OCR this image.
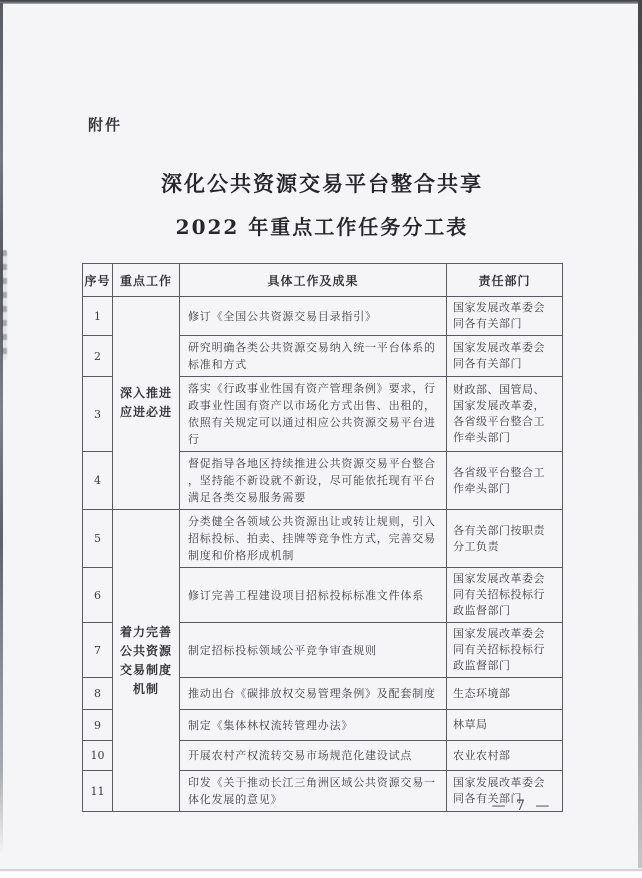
附件
深化公共资源交易平台整合共享
2022 年重点工作任务分工表
序号	重点工作	具体工作及成果	责任部门
1	深入推进应进必进	修订《全国公共资源交易目录指引》	国家发展改革委会同各有关部门
2		研究明确各类公共资源交易纳入统一平台体系的标准和方式	国家发展改革委会同各有关部门
3		落实《行政事业性国有资产管理条例》要求，行政事业性国有资产以市场化方式出售、出租的，依照有关规定可以通过相应公共资源交易平台进行	财政部、国管局、国家发展改革委，各省级平台整合工作牵头部门
4		督促指导各地区持续推进公共资源交易平台整合，坚持能不新设就不新设，尽可能依托现有平台满足各类交易服务需要	各省级平台整合工作牵头部门
5	着力完善公共资源交易制度机制	分类健全各领域公共资源出让或转让规则，引入招标投标、拍卖、挂牌等竞争性方式，完善交易制度和价格形成机制	各有关部门按职责分工负责
6		修订完善工程建设项目招标投标标准文件体系	国家发展改革委会同有关招标投标行政监督部门
7		制定招标投标领域公平竞争审查规则	国家发展改革委会同有关招标投标行政监督部门
8		推动出台《碳排放权交易管理条例》及配套制度	生态环境部
9		制定《集体林权流转管理办法》	林草局
10		开展农村产权流转交易市场规范化建设试点	农业农村部
11		印发《关于推动长江三角洲区域公共资源交易一体化发展的意见》	国家发展改革委会同各有关部门
— 7 —
